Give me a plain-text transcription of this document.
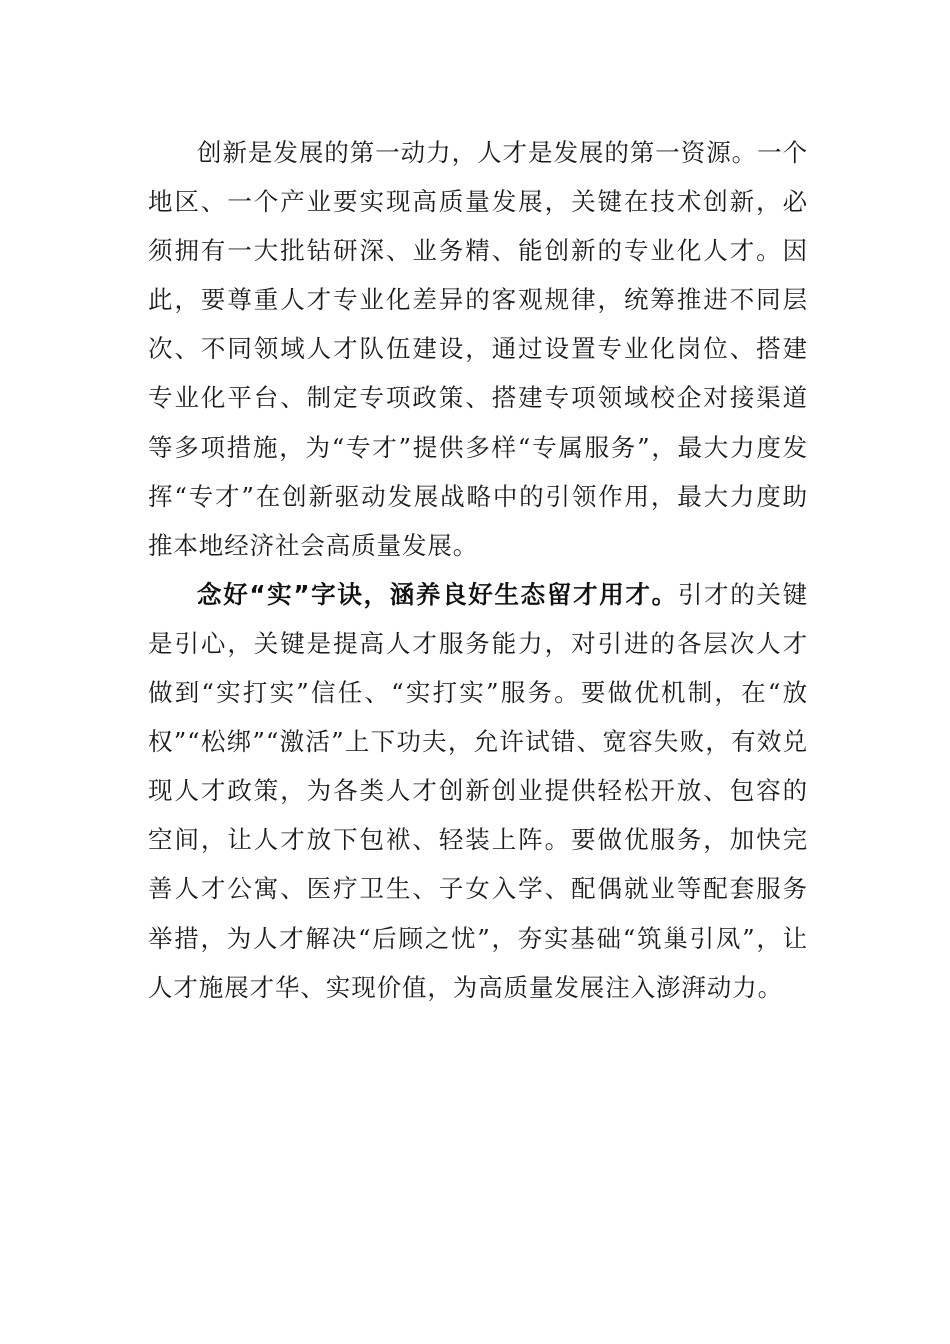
创新是发展的第一动力，人才是发展的第一资源。一个地区、一个产业要实现高质量发展，关键在技术创新，必须拥有一大批钻研深、业务精、能创新的专业化人才。因此，要尊重人才专业化差异的客观规律，统筹推进不同层次、不同领域人才队伍建设，通过设置专业化岗位、搭建专业化平台、制定专项政策、搭建专项领域校企对接渠道等多项措施，为“专才”提供多样“专属服务”，最大力度发挥“专才”在创新驱动发展战略中的引领作用，最大力度助推本地经济社会高质量发展。

念好“实”字诀，涵养良好生态留才用才。引才的关键是引心，关键是提高人才服务能力，对引进的各层次人才做到“实打实”信任、“实打实”服务。要做优机制，在“放权”“松绑”“激活”上下功夫，允许试错、宽容失败，有效兑现人才政策，为各类人才创新创业提供轻松开放、包容的空间，让人才放下包袱、轻装上阵。要做优服务，加快完善人才公寓、医疗卫生、子女入学、配偶就业等配套服务举措，为人才解决“后顾之忧”，夯实基础“筑巢引凤”，让人才施展才华、实现价值，为高质量发展注入澎湃动力。
